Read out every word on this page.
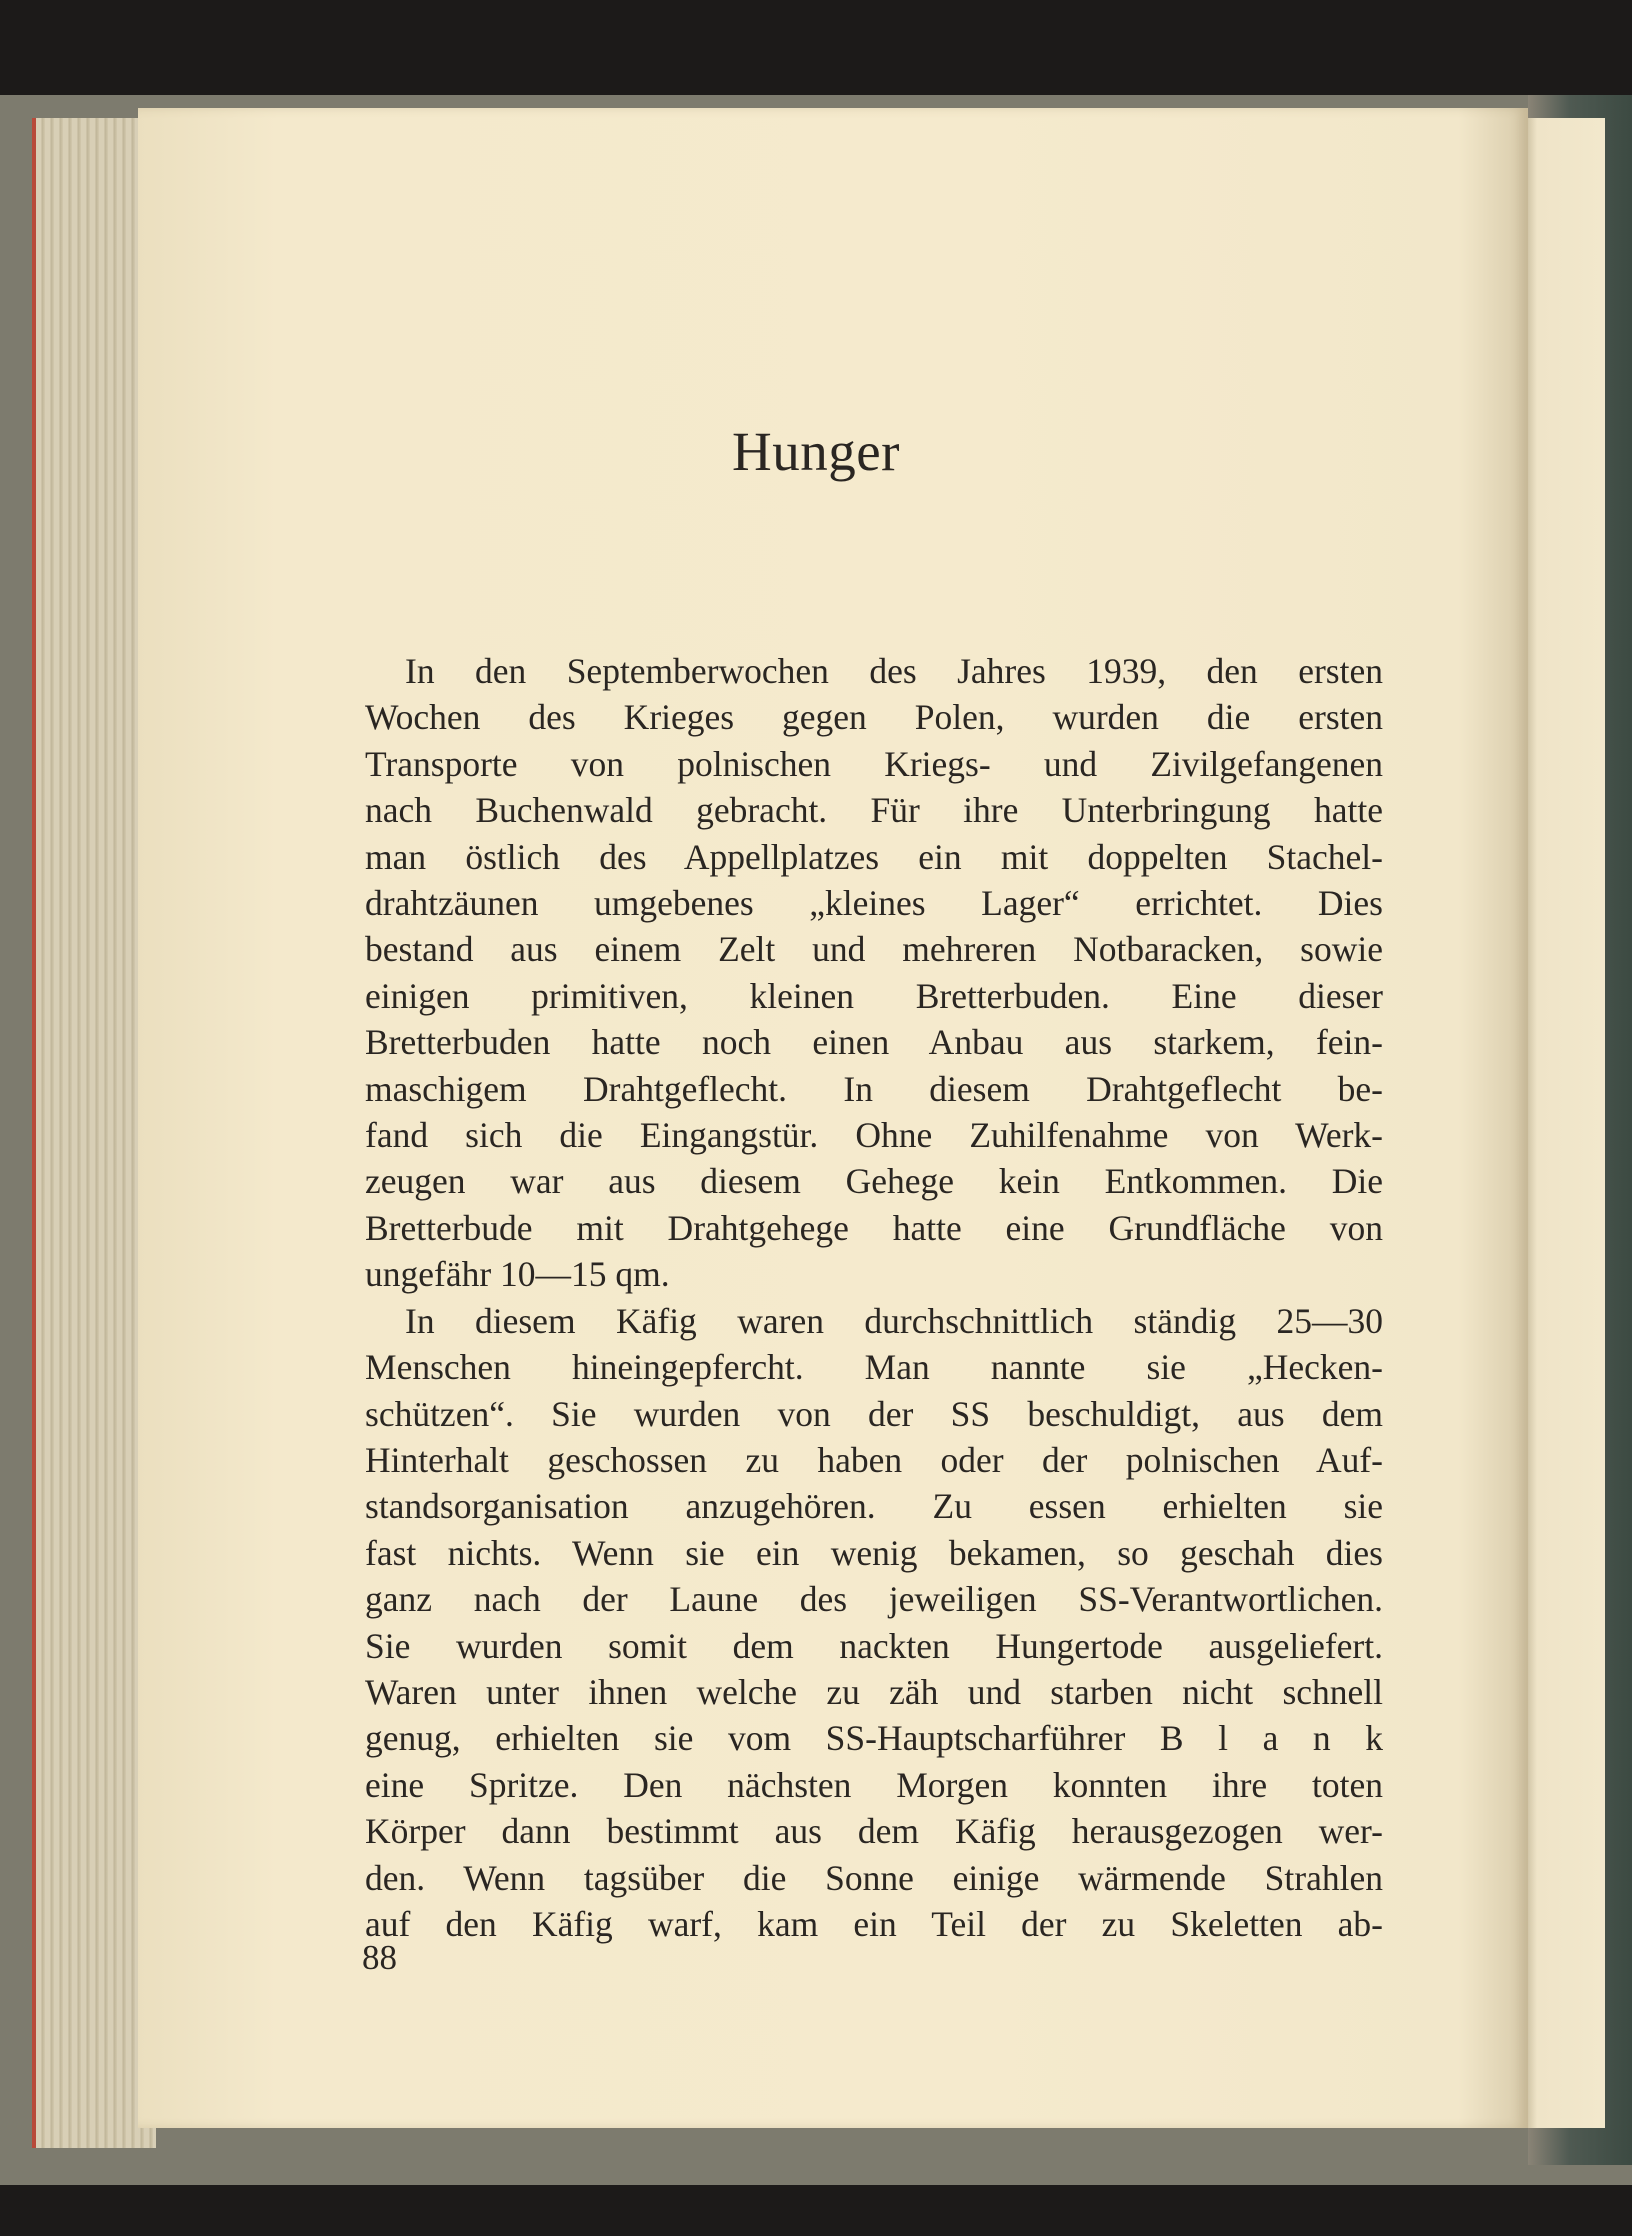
Hunger
In den Septemberwochen des Jahres 1939, den ersten
Wochen des Krieges gegen Polen, wurden die ersten
Transporte von polnischen Kriegs- und Zivilgefangenen
nach Buchenwald gebracht. Für ihre Unterbringung hatte
man östlich des Appellplatzes ein mit doppelten Stachel-
drahtzäunen umgebenes „kleines Lager“ errichtet. Dies
bestand aus einem Zelt und mehreren Notbaracken, sowie
einigen primitiven, kleinen Bretterbuden. Eine dieser
Bretterbuden hatte noch einen Anbau aus starkem, fein-
maschigem Drahtgeflecht. In diesem Drahtgeflecht be-
fand sich die Eingangstür. Ohne Zuhilfenahme von Werk-
zeugen war aus diesem Gehege kein Entkommen. Die
Bretterbude mit Drahtgehege hatte eine Grundfläche von
ungefähr 10—15 qm.
In diesem Käfig waren durchschnittlich ständig 25—30
Menschen hineingepfercht. Man nannte sie „Hecken-
schützen“. Sie wurden von der SS beschuldigt, aus dem
Hinterhalt geschossen zu haben oder der polnischen Auf-
standsorganisation anzugehören. Zu essen erhielten sie
fast nichts. Wenn sie ein wenig bekamen, so geschah dies
ganz nach der Laune des jeweiligen SS-Verantwortlichen.
Sie wurden somit dem nackten Hungertode ausgeliefert.
Waren unter ihnen welche zu zäh und starben nicht schnell
genug, erhielten sie vom SS-Hauptscharführer B l a n k
eine Spritze. Den nächsten Morgen konnten ihre toten
Körper dann bestimmt aus dem Käfig herausgezogen wer-
den. Wenn tagsüber die Sonne einige wärmende Strahlen
auf den Käfig warf, kam ein Teil der zu Skeletten ab-

88
